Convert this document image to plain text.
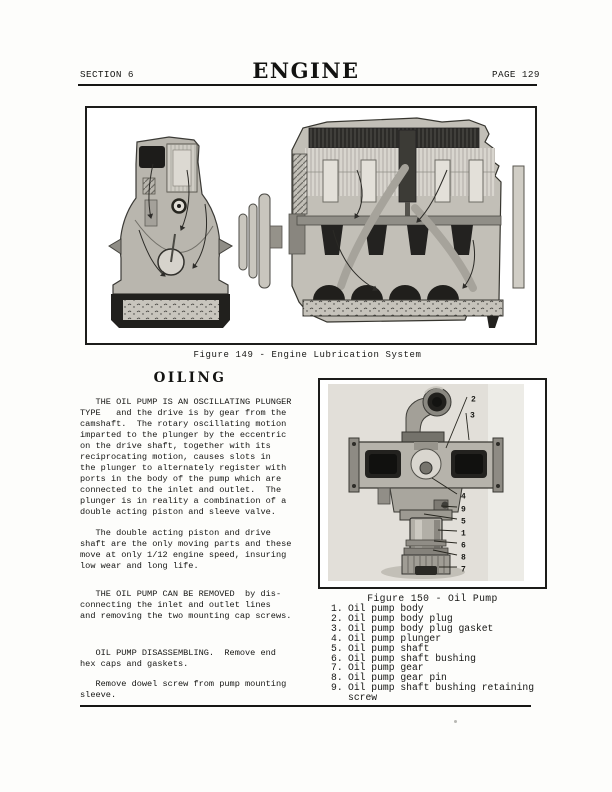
SECTION 6	ENGINE	PAGE 129
Figure 149 - Engine Lubrication System
OILING
THE OIL PUMP IS AN OSCILLATING PLUNGER
TYPE   and the drive is by gear from the
camshaft.  The rotary oscillating motion
imparted to the plunger by the eccentric
on the drive shaft, together with its
reciprocating motion, causes slots in
the plunger to alternately register with
ports in the body of the pump which are
connected to the inlet and outlet.  The
plunger is in reality a combination of a
double acting piston and sleeve valve.
The double acting piston and drive
shaft are the only moving parts and these
move at only 1/12 engine speed, insuring
low wear and long life.
THE OIL PUMP CAN BE REMOVED  by dis-
connecting the inlet and outlet lines
and removing the two mounting cap screws.
OIL PUMP DISASSEMBLING.  Remove end
hex caps and gaskets.
Remove dowel screw from pump mounting
sleeve.
2
3
4
9
5
1
6
8
7
Figure 150 - Oil Pump
1. Oil pump body
2. Oil pump body plug
3. Oil pump body plug gasket
4. Oil pump plunger
5. Oil pump shaft
6. Oil pump shaft bushing
7. Oil pump gear
8. Oil pump gear pin
9. Oil pump shaft bushing retaining screw
